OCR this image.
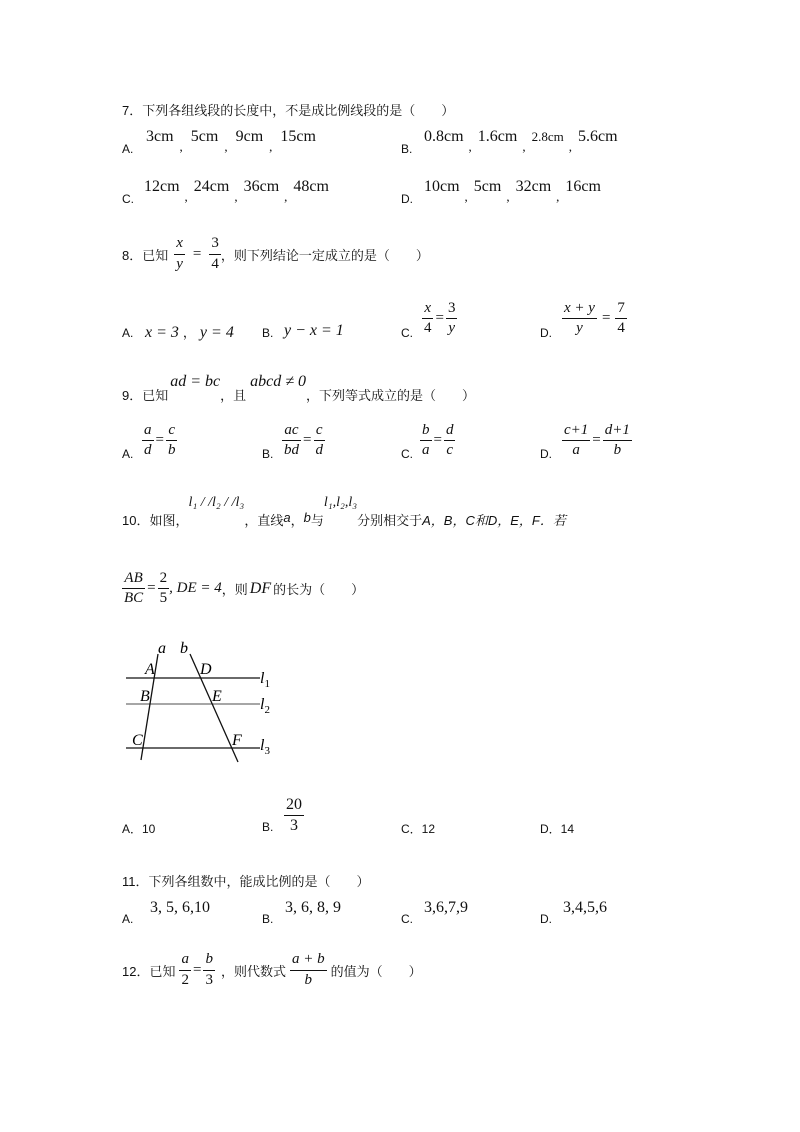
7．下列各组线段的长度中，不是成比例线段的是（　　）
A.
$3cm_,5cm_,9cm_,15cm$
B.
$0.8cm_,1.6cm_,2.8cm_,5.6cm$
C.
$12cm_,24cm_,36cm_,48cm$
D.
$10cm_,5cm_,32cm_,16cm$
8．已知 $\frac{x}{y} = \frac{3}{4}$ ，则下列结论一定成立的是（　　）
A. x = 3 ， y = 4 B. y − x = 1	C. $\frac{x}{4} = \frac{3}{y}$	D. $\frac{x + y}{y} = \frac{7}{4}$
9．已知
ad = bc
，且
abcd ≠ 0
，下列等式成立的是（　　）
A. $\frac{a}{d} = \frac{c}{b}$	B. $\frac{ac}{bd} = \frac{c}{d}$	C. $\frac{b}{a} = \frac{d}{c}$	D. $\frac{c+1}{a} = \frac{d+1}{b}$
10．如图，
l₁ / /l₂ / /l₃
，直线 a ， b 与
l₁,l₂,l₃
分别相交于 A，B，C和D，E，F．若
$\frac{AB}{BC} = \frac{2}{5}$ , DE = 4 ，则 DF 的长为（　　）
a b
A	D
B	E
C	F
$l_1$
$l_2$
$l_3$
A．10	B. $\frac{20}{3}$	C．12	D．14
11．下列各组数中，能成比例的是（　　）
A.
3, 5, 6,10
B.
3, 6, 8, 9
C.
3,6,7,9
D.
3,4,5,6
12．已知 $\frac{a}{2} = \frac{b}{3}$ ，则代数式 $\frac{a + b}{b}$ 的值为（　　）
